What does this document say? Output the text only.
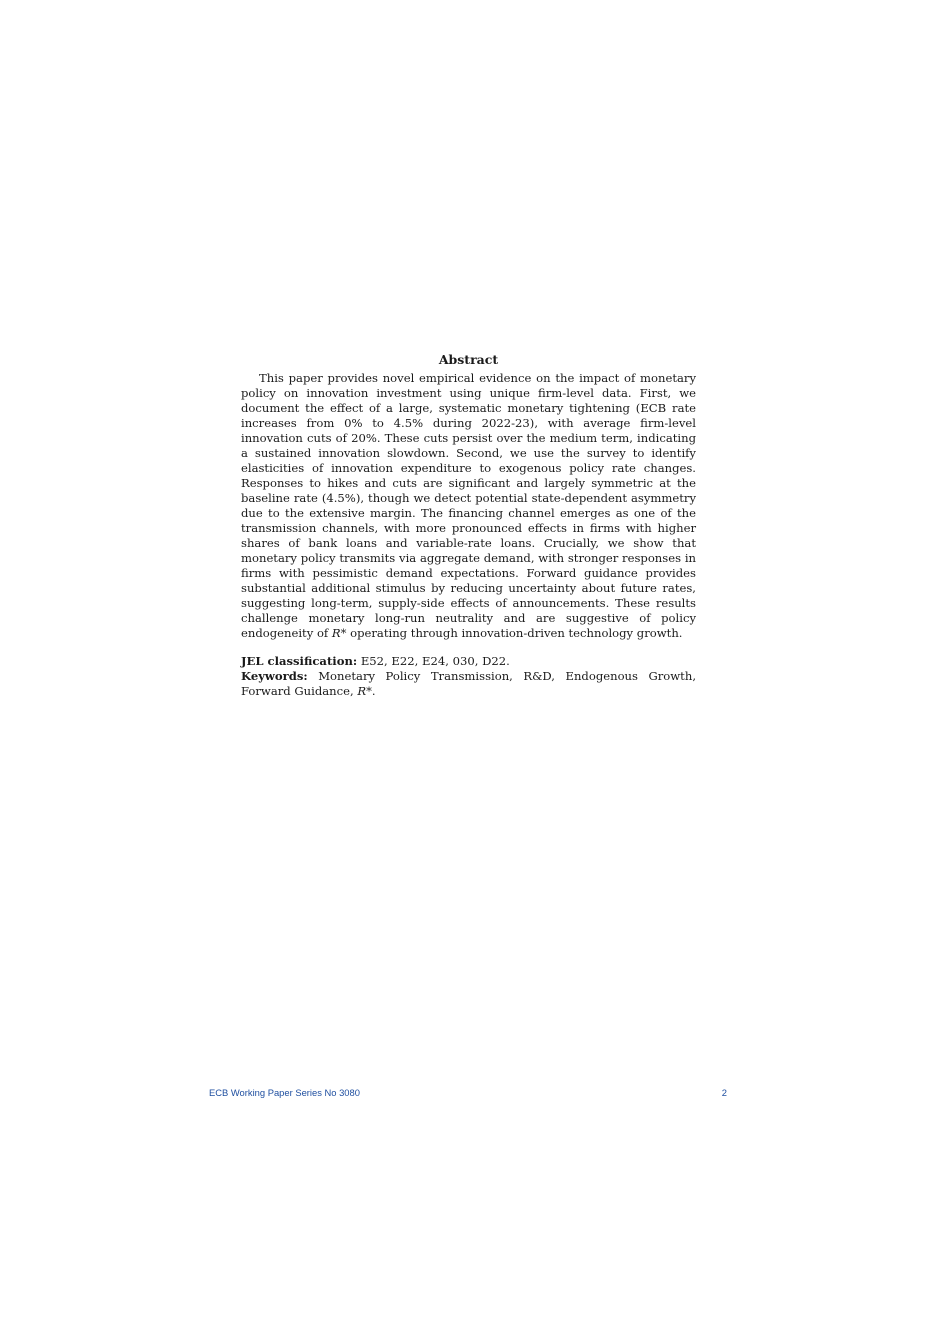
Abstract

This paper provides novel empirical evidence on the impact of monetary policy on innovation investment using unique firm-level data. First, we document the effect of a large, systematic monetary tightening (ECB rate increases from 0% to 4.5% during 2022-23), with average firm-level innovation cuts of 20%. These cuts persist over the medium term, indicating a sustained innovation slowdown. Second, we use the survey to identify elasticities of innovation expenditure to exogenous policy rate changes. Responses to hikes and cuts are significant and largely symmetric at the baseline rate (4.5%), though we detect potential state-dependent asymmetry due to the extensive margin. The financing channel emerges as one of the transmission channels, with more pronounced effects in firms with higher shares of bank loans and variable-rate loans. Crucially, we show that monetary policy transmits via aggregate demand, with stronger responses in firms with pessimistic demand expectations. Forward guidance provides substantial additional stimulus by reducing uncertainty about future rates, suggesting long-term, supply-side effects of announcements. These results challenge monetary long-run neutrality and are suggestive of policy endogeneity of R* operating through innovation-driven technology growth.

JEL classification: E52, E22, E24, 030, D22.

Keywords: Monetary Policy Transmission, R&D, Endogenous Growth, Forward Guidance, R*.

ECB Working Paper Series No 3080	2
